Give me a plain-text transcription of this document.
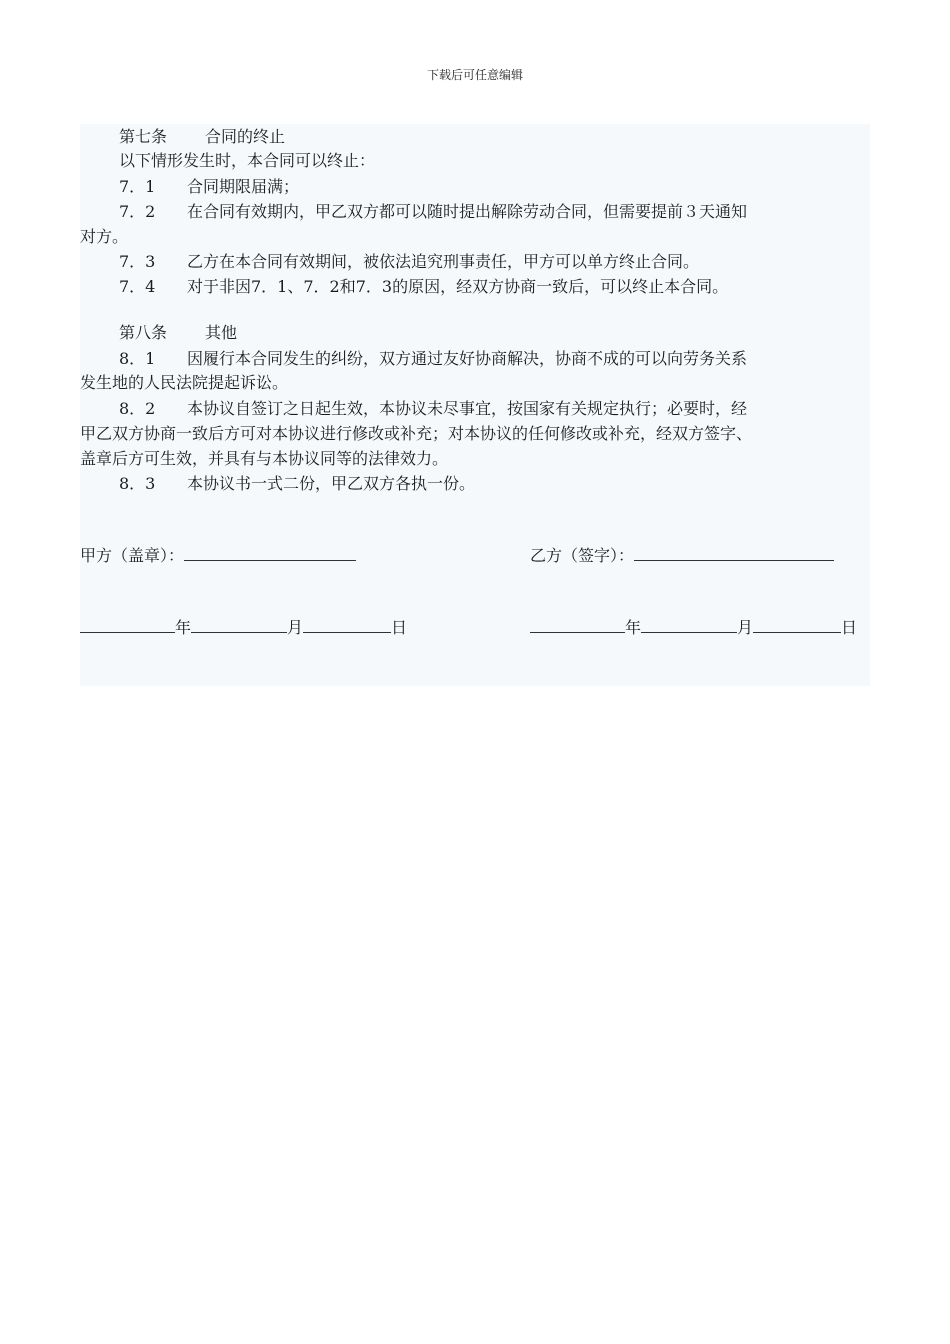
下载后可任意编辑
第七条 合同的终止
以下情形发生时，本合同可以终止：
7．1 合同期限届满；
7．2 在合同有效期内，甲乙双方都可以随时提出解除劳动合同，但需要提前３天通知
对方。
7．3 乙方在本合同有效期间，被依法追究刑事责任，甲方可以单方终止合同。
7．4 对于非因7．1、7．2和7．3的原因，经双方协商一致后，可以终止本合同。
第八条 其他
8．1 因履行本合同发生的纠纷，双方通过友好协商解决，协商不成的可以向劳务关系
发生地的人民法院提起诉讼。
8．2 本协议自签订之日起生效，本协议未尽事宜，按国家有关规定执行；必要时，经
甲乙双方协商一致后方可对本协议进行修改或补充；对本协议的任何修改或补充，经双方签字、
盖章后方可生效，并具有与本协议同等的法律效力。
8．3 本协议书一式二份，甲乙双方各执一份。
甲方（盖章）：	乙方（签字）：
年	月	日	年	月	日
